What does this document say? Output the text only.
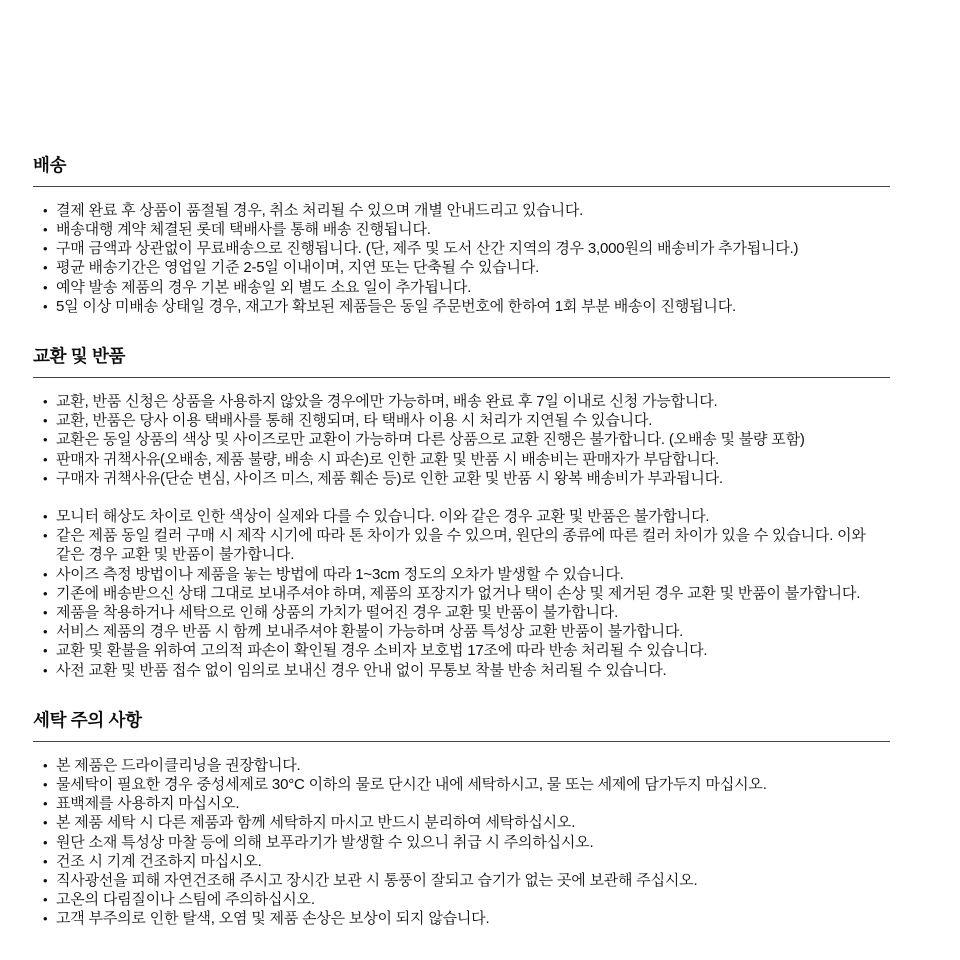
배송
• 결제 완료 후 상품이 품절될 경우, 취소 처리될 수 있으며 개별 안내드리고 있습니다.
• 배송대행 계약 체결된 롯데 택배사를 통해 배송 진행됩니다.
• 구매 금액과 상관없이 무료배송으로 진행됩니다. (단, 제주 및 도서 산간 지역의 경우 3,000원의 배송비가 추가됩니다.)
• 평균 배송기간은 영업일 기준 2-5일 이내이며, 지연 또는 단축될 수 있습니다.
• 예약 발송 제품의 경우 기본 배송일 외 별도 소요 일이 추가됩니다.
• 5일 이상 미배송 상태일 경우, 재고가 확보된 제품들은 동일 주문번호에 한하여 1회 부분 배송이 진행됩니다.
교환 및 반품
• 교환, 반품 신청은 상품을 사용하지 않았을 경우에만 가능하며, 배송 완료 후 7일 이내로 신청 가능합니다.
• 교환, 반품은 당사 이용 택배사를 통해 진행되며, 타 택배사 이용 시 처리가 지연될 수 있습니다.
• 교환은 동일 상품의 색상 및 사이즈로만 교환이 가능하며 다른 상품으로 교환 진행은 불가합니다. (오배송 및 불량 포함)
• 판매자 귀책사유(오배송, 제품 불량, 배송 시 파손)로 인한 교환 및 반품 시 배송비는 판매자가 부담합니다.
• 구매자 귀책사유(단순 변심, 사이즈 미스, 제품 훼손 등)로 인한 교환 및 반품 시 왕복 배송비가 부과됩니다.
• 모니터 해상도 차이로 인한 색상이 실제와 다를 수 있습니다. 이와 같은 경우 교환 및 반품은 불가합니다.
• 같은 제품 동일 컬러 구매 시 제작 시기에 따라 톤 차이가 있을 수 있으며, 원단의 종류에 따른 컬러 차이가 있을 수 있습니다. 이와 같은 경우 교환 및 반품이 불가합니다.
• 사이즈 측정 방법이나 제품을 놓는 방법에 따라 1~3cm 정도의 오차가 발생할 수 있습니다.
• 기존에 배송받으신 상태 그대로 보내주셔야 하며, 제품의 포장지가 없거나 택이 손상 및 제거된 경우 교환 및 반품이 불가합니다.
• 제품을 착용하거나 세탁으로 인해 상품의 가치가 떨어진 경우 교환 및 반품이 불가합니다.
• 서비스 제품의 경우 반품 시 함께 보내주셔야 환불이 가능하며 상품 특성상 교환 반품이 불가합니다.
• 교환 및 환불을 위하여 고의적 파손이 확인될 경우 소비자 보호법 17조에 따라 반송 처리될 수 있습니다.
• 사전 교환 및 반품 접수 없이 임의로 보내신 경우 안내 없이 무통보 착불 반송 처리될 수 있습니다.
세탁 주의 사항
• 본 제품은 드라이클리닝을 권장합니다.
• 물세탁이 필요한 경우 중성세제로 30°C 이하의 물로 단시간 내에 세탁하시고, 물 또는 세제에 담가두지 마십시오.
• 표백제를 사용하지 마십시오.
• 본 제품 세탁 시 다른 제품과 함께 세탁하지 마시고 반드시 분리하여 세탁하십시오.
• 원단 소재 특성상 마찰 등에 의해 보푸라기가 발생할 수 있으니 취급 시 주의하십시오.
• 건조 시 기계 건조하지 마십시오.
• 직사광선을 피해 자연건조해 주시고 장시간 보관 시 통풍이 잘되고 습기가 없는 곳에 보관해 주십시오.
• 고온의 다림질이나 스팀에 주의하십시오.
• 고객 부주의로 인한 탈색, 오염 및 제품 손상은 보상이 되지 않습니다.
